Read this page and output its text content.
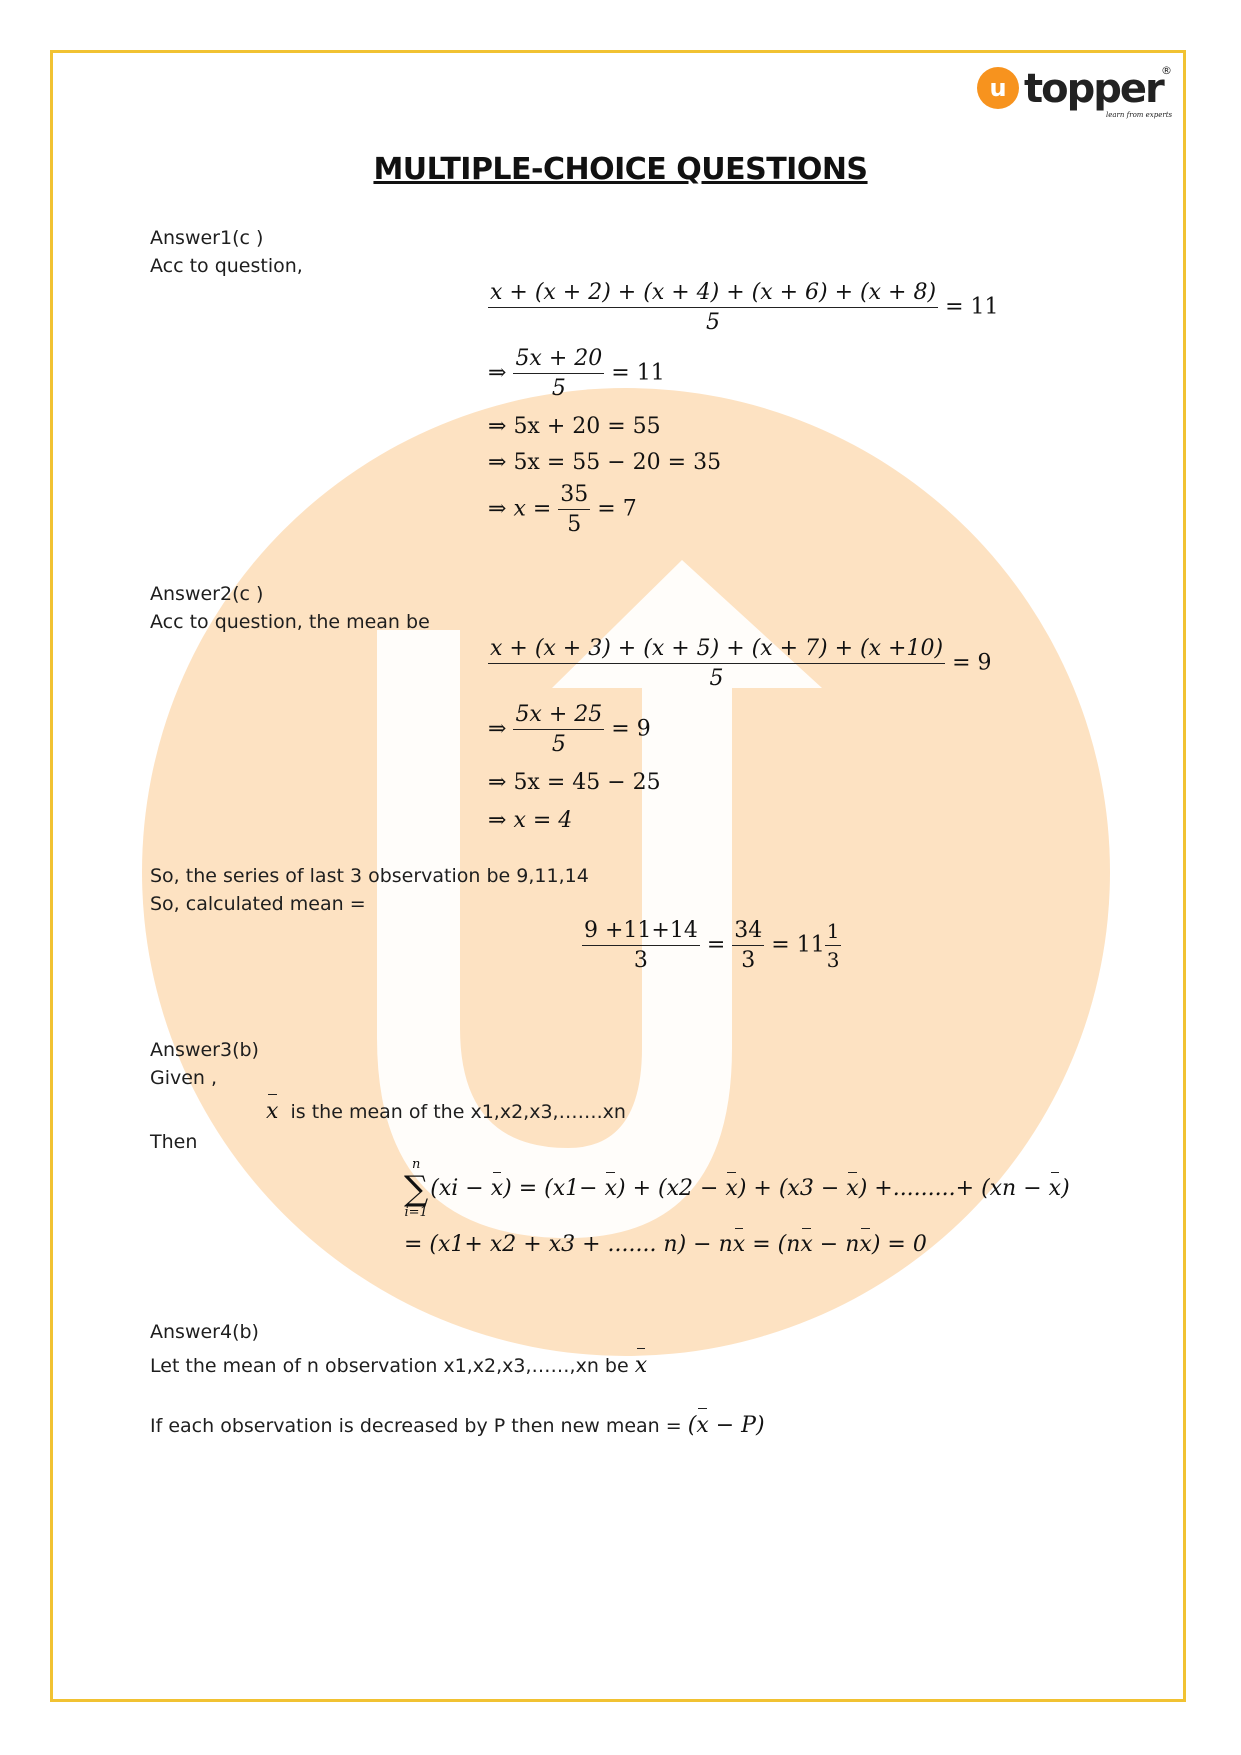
u topper
®
learn from experts
MULTIPLE-CHOICE QUESTIONS
Answer1(c )
Acc to question,
$\frac{x + (x + 2) + (x + 4) + (x + 6) + (x + 8)}{5} = 11$
⇒ $\frac{5x + 20}{5} = 11$
⇒ 5x + 20 = 55
⇒ 5x = 55 − 20 = 35
⇒ $x = \frac{35}{5} = 7$
Answer2(c )
Acc to question, the mean be
$\frac{x + (x + 3) + (x + 5) + (x + 7) + (x +10)}{5} = 9$
⇒ $\frac{5x + 25}{5} = 9$
⇒ 5x = 45 − 25
⇒ x = 4
So, the series of last 3 observation be 9,11,14
So, calculated mean =
$\frac{9 +11+14}{3} = \frac{34}{3} = 11 \frac{1}{3}$
Answer3(b)
Given ,
x is the mean of the x1,x2,x3,…….xn
Then
n
∑
i=1(xi − x) = (x1− x) + (x2 − x) + (x3 − x) +.........+ (xn − x)
= (x1+ x2 + x3 + ....... n) − nx = (nx − nx) = 0
Answer4(b)
Let the mean of n observation x1,x2,x3,……,xn be x
If each observation is decreased by P then new mean = (x − P)
